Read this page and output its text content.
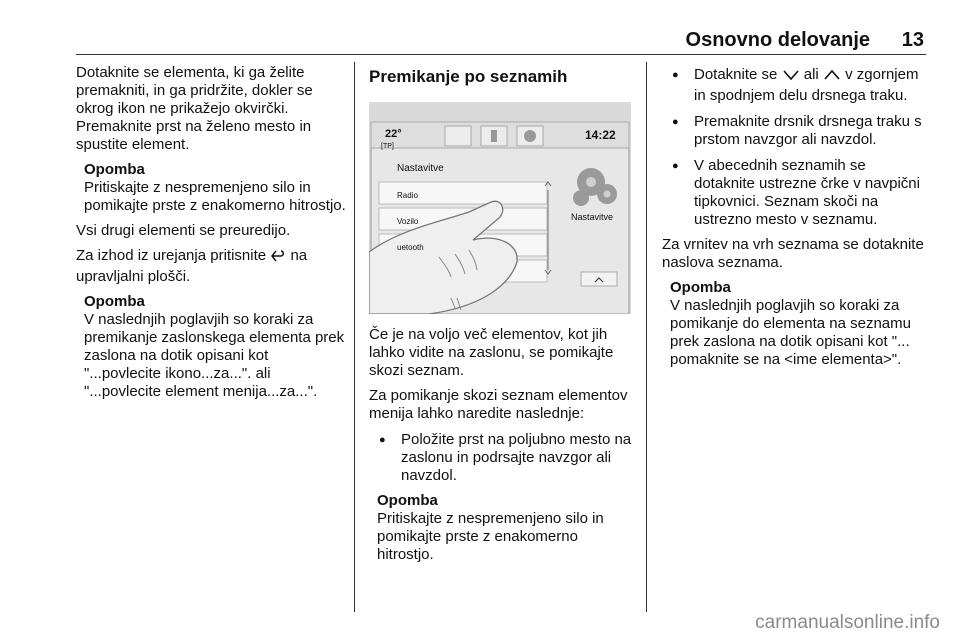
Osnovno delovanje	13

Dotaknite se elementa, ki ga želite premakniti, in ga pridržite, dokler se okrog ikon ne prikažejo okvirčki. Premaknite prst na želeno mesto in spustite element.

Opomba
Pritiskajte z nespremenjeno silo in pomikajte prste z enakomerno hitrostjo.

Vsi drugi elementi se preuredijo.

Za izhod iz urejanja pritisnite na upravljalni plošči.

Opomba
V naslednjih poglavjih so koraki za premikanje zaslonskega elementa prek zaslona na dotik opisani kot "...povlecite ikono...za...". ali "...povlecite element menija...za...".
Premikanje po seznamih
22°
[TP]
14:22
Nastavitve
Radio
Vozilo
uetooth
Nastavitve

Če je na voljo več elementov, kot jih lahko vidite na zaslonu, se pomikajte skozi seznam.

Za pomikanje skozi seznam elementov menija lahko naredite naslednje:

● Položite prst na poljubno mesto na zaslonu in podrsajte navzgor ali navzdol.
Opomba
Pritiskajte z nespremenjeno silo in pomikajte prste z enakomerno hitrostjo.
● Dotaknite se ali v zgornjem in spodnjem delu drsnega traku.
● Premaknite drsnik drsnega traku s prstom navzgor ali navzdol.
● V abecednih seznamih se dotaknite ustrezne črke v navpični tipkovnici. Seznam skoči na ustrezno mesto v seznamu.

Za vrnitev na vrh seznama se dotaknite naslova seznama.

Opomba
V naslednjih poglavjih so koraki za pomikanje do elementa na seznamu prek zaslona na dotik opisani kot "... pomaknite se na <ime elementa>".
carmanualsonline.info
